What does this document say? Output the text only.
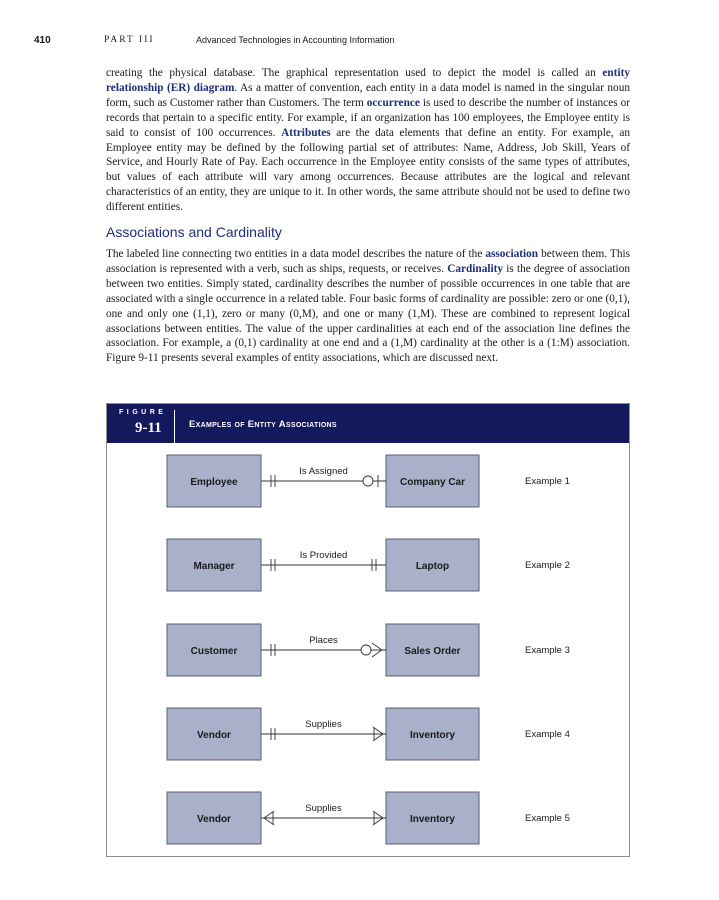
410	PART III	Advanced Technologies in Accounting Information

creating the physical database. The graphical representation used to depict the model is called an entity relationship (ER) diagram. As a matter of convention, each entity in a data model is named in the singular noun form, such as Customer rather than Customers. The term occurrence is used to describe the number of instances or records that pertain to a specific entity. For example, if an organization has 100 employees, the Employee entity is said to consist of 100 occurrences. Attributes are the data elements that define an entity. For example, an Employee entity may be defined by the following partial set of attributes: Name, Address, Job Skill, Years of Service, and Hourly Rate of Pay. Each occurrence in the Employee entity consists of the same types of attributes, but values of each attribute will vary among occurrences. Because attributes are the logical and relevant characteristics of an entity, they are unique to it. In other words, the same attribute should not be used to define two different entities.

Associations and Cardinality

The labeled line connecting two entities in a data model describes the nature of the association between them. This association is represented with a verb, such as ships, requests, or receives. Cardinality is the degree of association between two entities. Simply stated, cardinality describes the number of possible occurrences in one table that are associated with a single occurrence in a related table. Four basic forms of cardinality are possible: zero or one (0,1), one and only one (1,1), zero or many (0,M), and one or many (1,M). These are combined to represent logical associations between entities. The value of the upper cardinalities at each end of the association line defines the association. For example, a (0,1) cardinality at one end and a (1,M) cardinality at the other is a (1:M) association. Figure 9-11 presents several examples of entity associations, which are discussed next.

FIGURE
9-11	Examples of Entity Associations
Employee	Company Car
Is Assigned
Example 1
Manager	Laptop
Is Provided
Example 2
Customer	Sales Order
Places
Example 3
Vendor	Inventory
Supplies
Example 4
Vendor	Inventory
Supplies
Example 5
